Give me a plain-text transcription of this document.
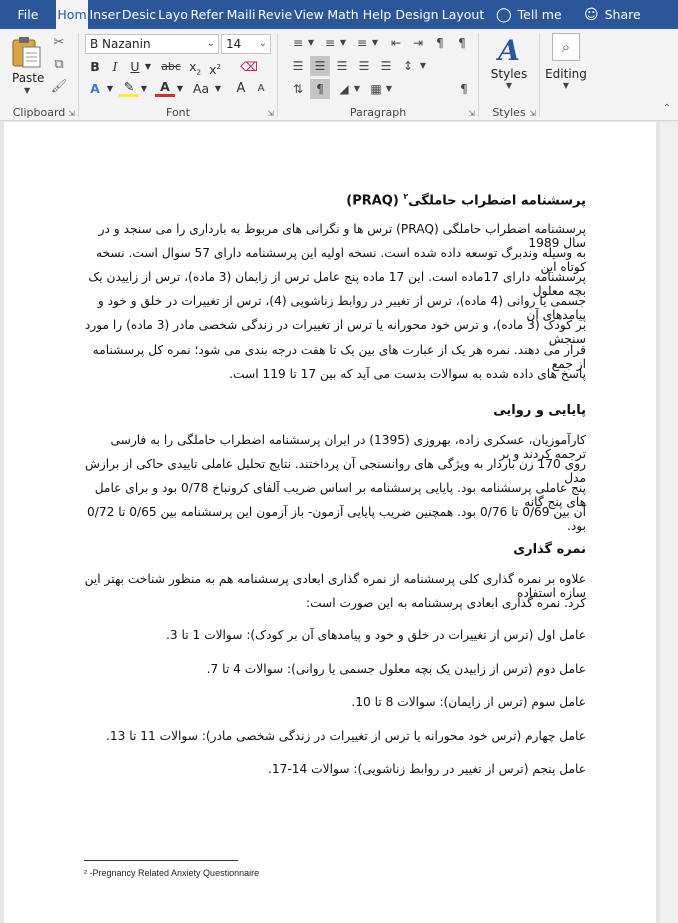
File	Hom Inser Desic Layo Refer Maili Revie View Math Help Design Layout ◯ Tell me ☺ Share
Paste
▼
✂
⧉
🖌
Clipboard ⇲
B Nazanin	⌄ 14 ⌄
B	I	U ▼ abc $x_2$ $x^2$	⌫
A ▼ ✎ ▼	A ▼ Aa ▼	A	A
Font	⇲
≡ ▼ ≡ ▼ ≡ ▼	⇤ ⇥	¶	¶
☰ ☰ ☰ ☰ ☰ ↕ ▼
⇅	¶	◢ ▼ ▦ ▼	¶
Paragraph	⇲
A
Styles
▼
Styles ⇲
⌕
Editing
▼
⌃
پرسشنامه اضطراب حاملگی$^۲$ (PRAQ)
پرسشنامه اضطراب حاملگی (PRAQ) ترس ها و نگرانی های مربوط به بارداری را می سنجد و در سال 1989
به وسیله وندبرگ توسعه داده شده است. نسخه اولیه این پرسشنامه دارای 57 سوال است. نسخه کوتاه این
پرسشنامه دارای 17ماده است. این 17 ماده پنج عامل ترس از زایمان (3 ماده)، ترس از زاییدن یک بچه معلول
جسمی یا روانی (4 ماده)، ترس از تغییر در روابط زناشویی (4)، ترس از تغییرات در خلق و خود و پیامدهای آن
بر کودک (3 ماده)، و ترس خود محورانه یا ترس از تغییرات در زندگی شخصی مادر (3 ماده) را مورد سنجش
قرار می دهند. نمره هر یک از عبارت های بین یک تا هفت درجه بندی می شود؛ نمره کل پرسشنامه از جمع
پاسخ های داده شده به سوالات بدست می آید که بین 17 تا 119 است.
پایایی و روایی
کارآموزیان، عسکری زاده، بهروزی (1395) در ایران پرسشنامه اضطراب حاملگی را به فارسی ترجمه کردند و بر
روی 170 زن باردار به ویژگی های روانسنجی آن پرداختند. نتایج تحلیل عاملی تاییدی حاکی از برازش مدل
پنج عاملی پرسشنامه بود. پایایی پرسشنامه بر اساس ضریب آلفای کرونباخ 0/78 بود و برای عامل های پنج گانه
آن بین 0/69 تا 0/76 بود. همچنین ضریب پایایی آزمون- باز آزمون این پرسشنامه بین 0/65 تا 0/72 بود.
نمره گذاری
علاوه بر نمره گذاری کلی پرسشنامه از نمره گذاری ابعادی پرسشنامه هم به منظور شناخت بهتر این سازه استفاده
کرد. نمره گذاری ابعادی پرسشنامه به این صورت است:
عامل اول (ترس از تغییرات در خلق و خود و پیامدهای آن بر کودک): سوالات 1 تا 3.
عامل دوم (ترس از زاییدن یک بچه معلول جسمی یا روانی): سوالات 4 تا 7.
عامل سوم (ترس از زایمان): سوالات 8 تا 10.
عامل چهارم (ترس خود محورانه یا ترس از تغییرات در زندگی شخصی مادر): سوالات 11 تا 13.
عامل پنجم (ترس از تغییر در روابط زناشویی): سوالات 14-17.
² -Pregnancy Related Anxiety Questionnaire
